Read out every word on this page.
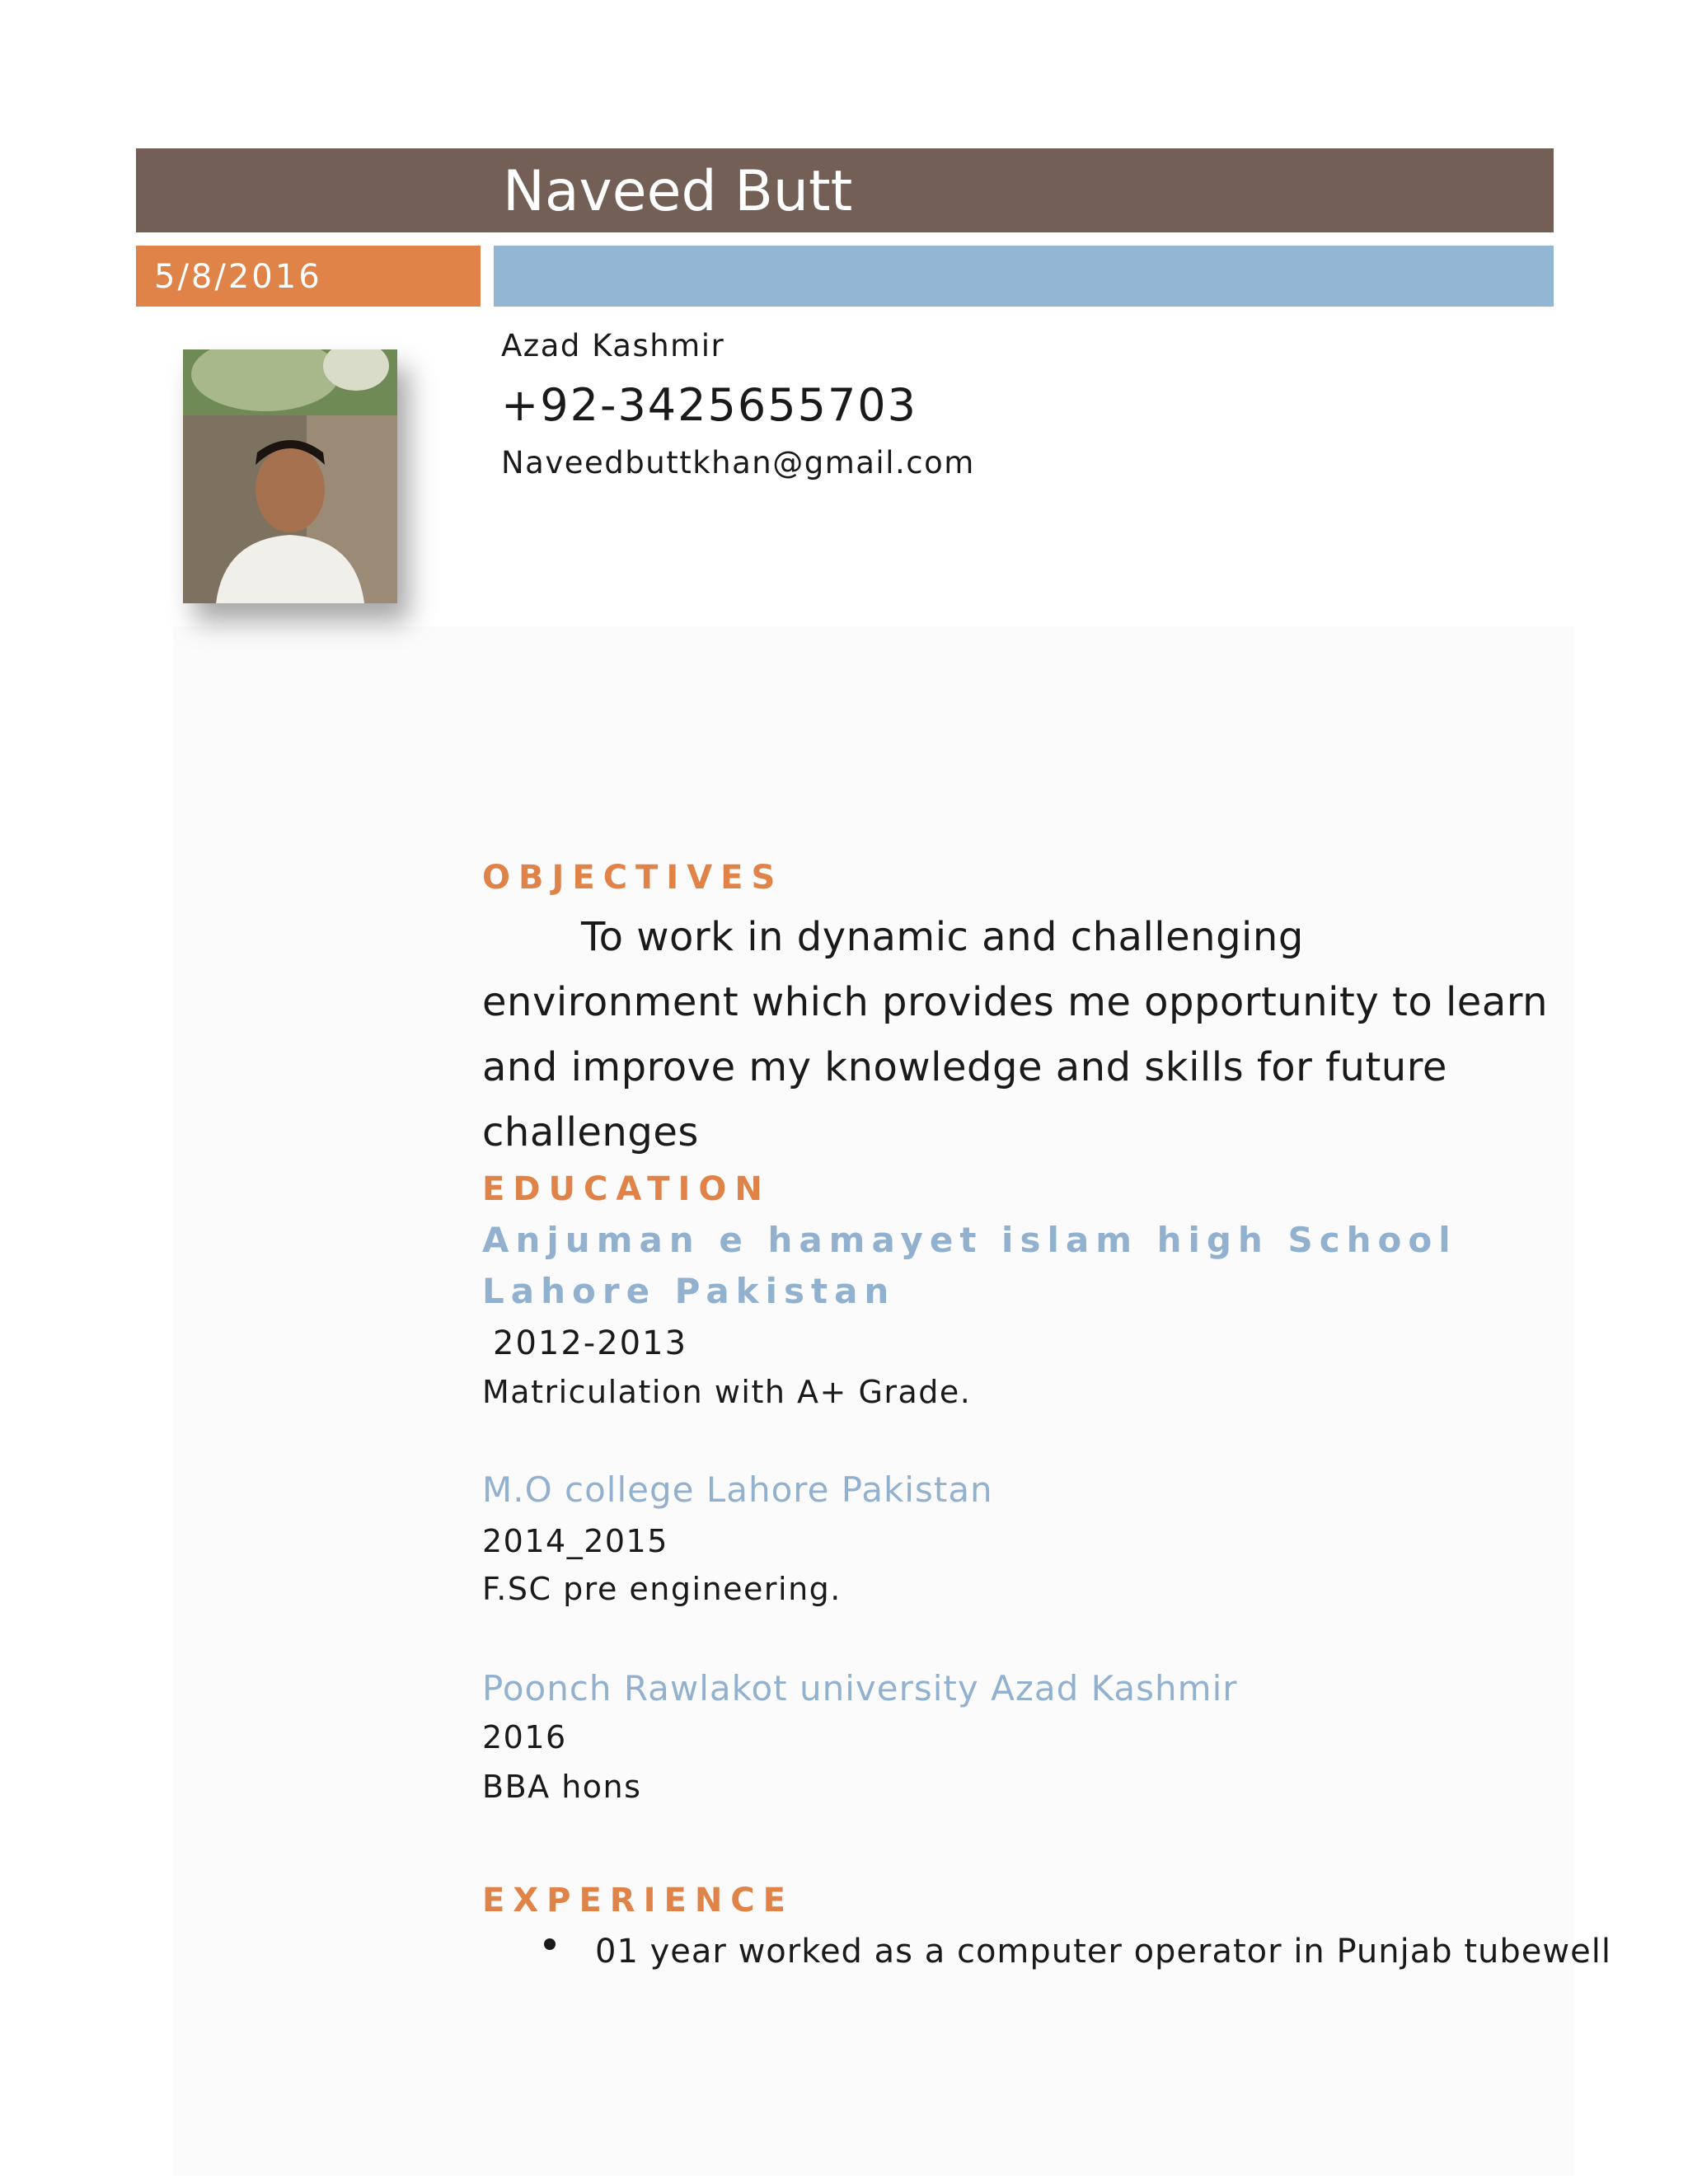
Naveed Butt
5/8/2016
Azad Kashmir
+92-3425655703
Naveedbuttkhan@gmail.com
OBJECTIVES

To work in dynamic and challenging environment which provides me opportunity to learn and improve my knowledge and skills for future challenges

EDUCATION
Anjuman e hamayet islam high School Lahore Pakistan
2012-2013
Matriculation with A+ Grade.
M.O college Lahore Pakistan
2014_2015
F.SC pre engineering.
Poonch Rawlakot university Azad Kashmir
2016
BBA hons
EXPERIENCE
01 year worked as a computer operator in Punjab tubewell
